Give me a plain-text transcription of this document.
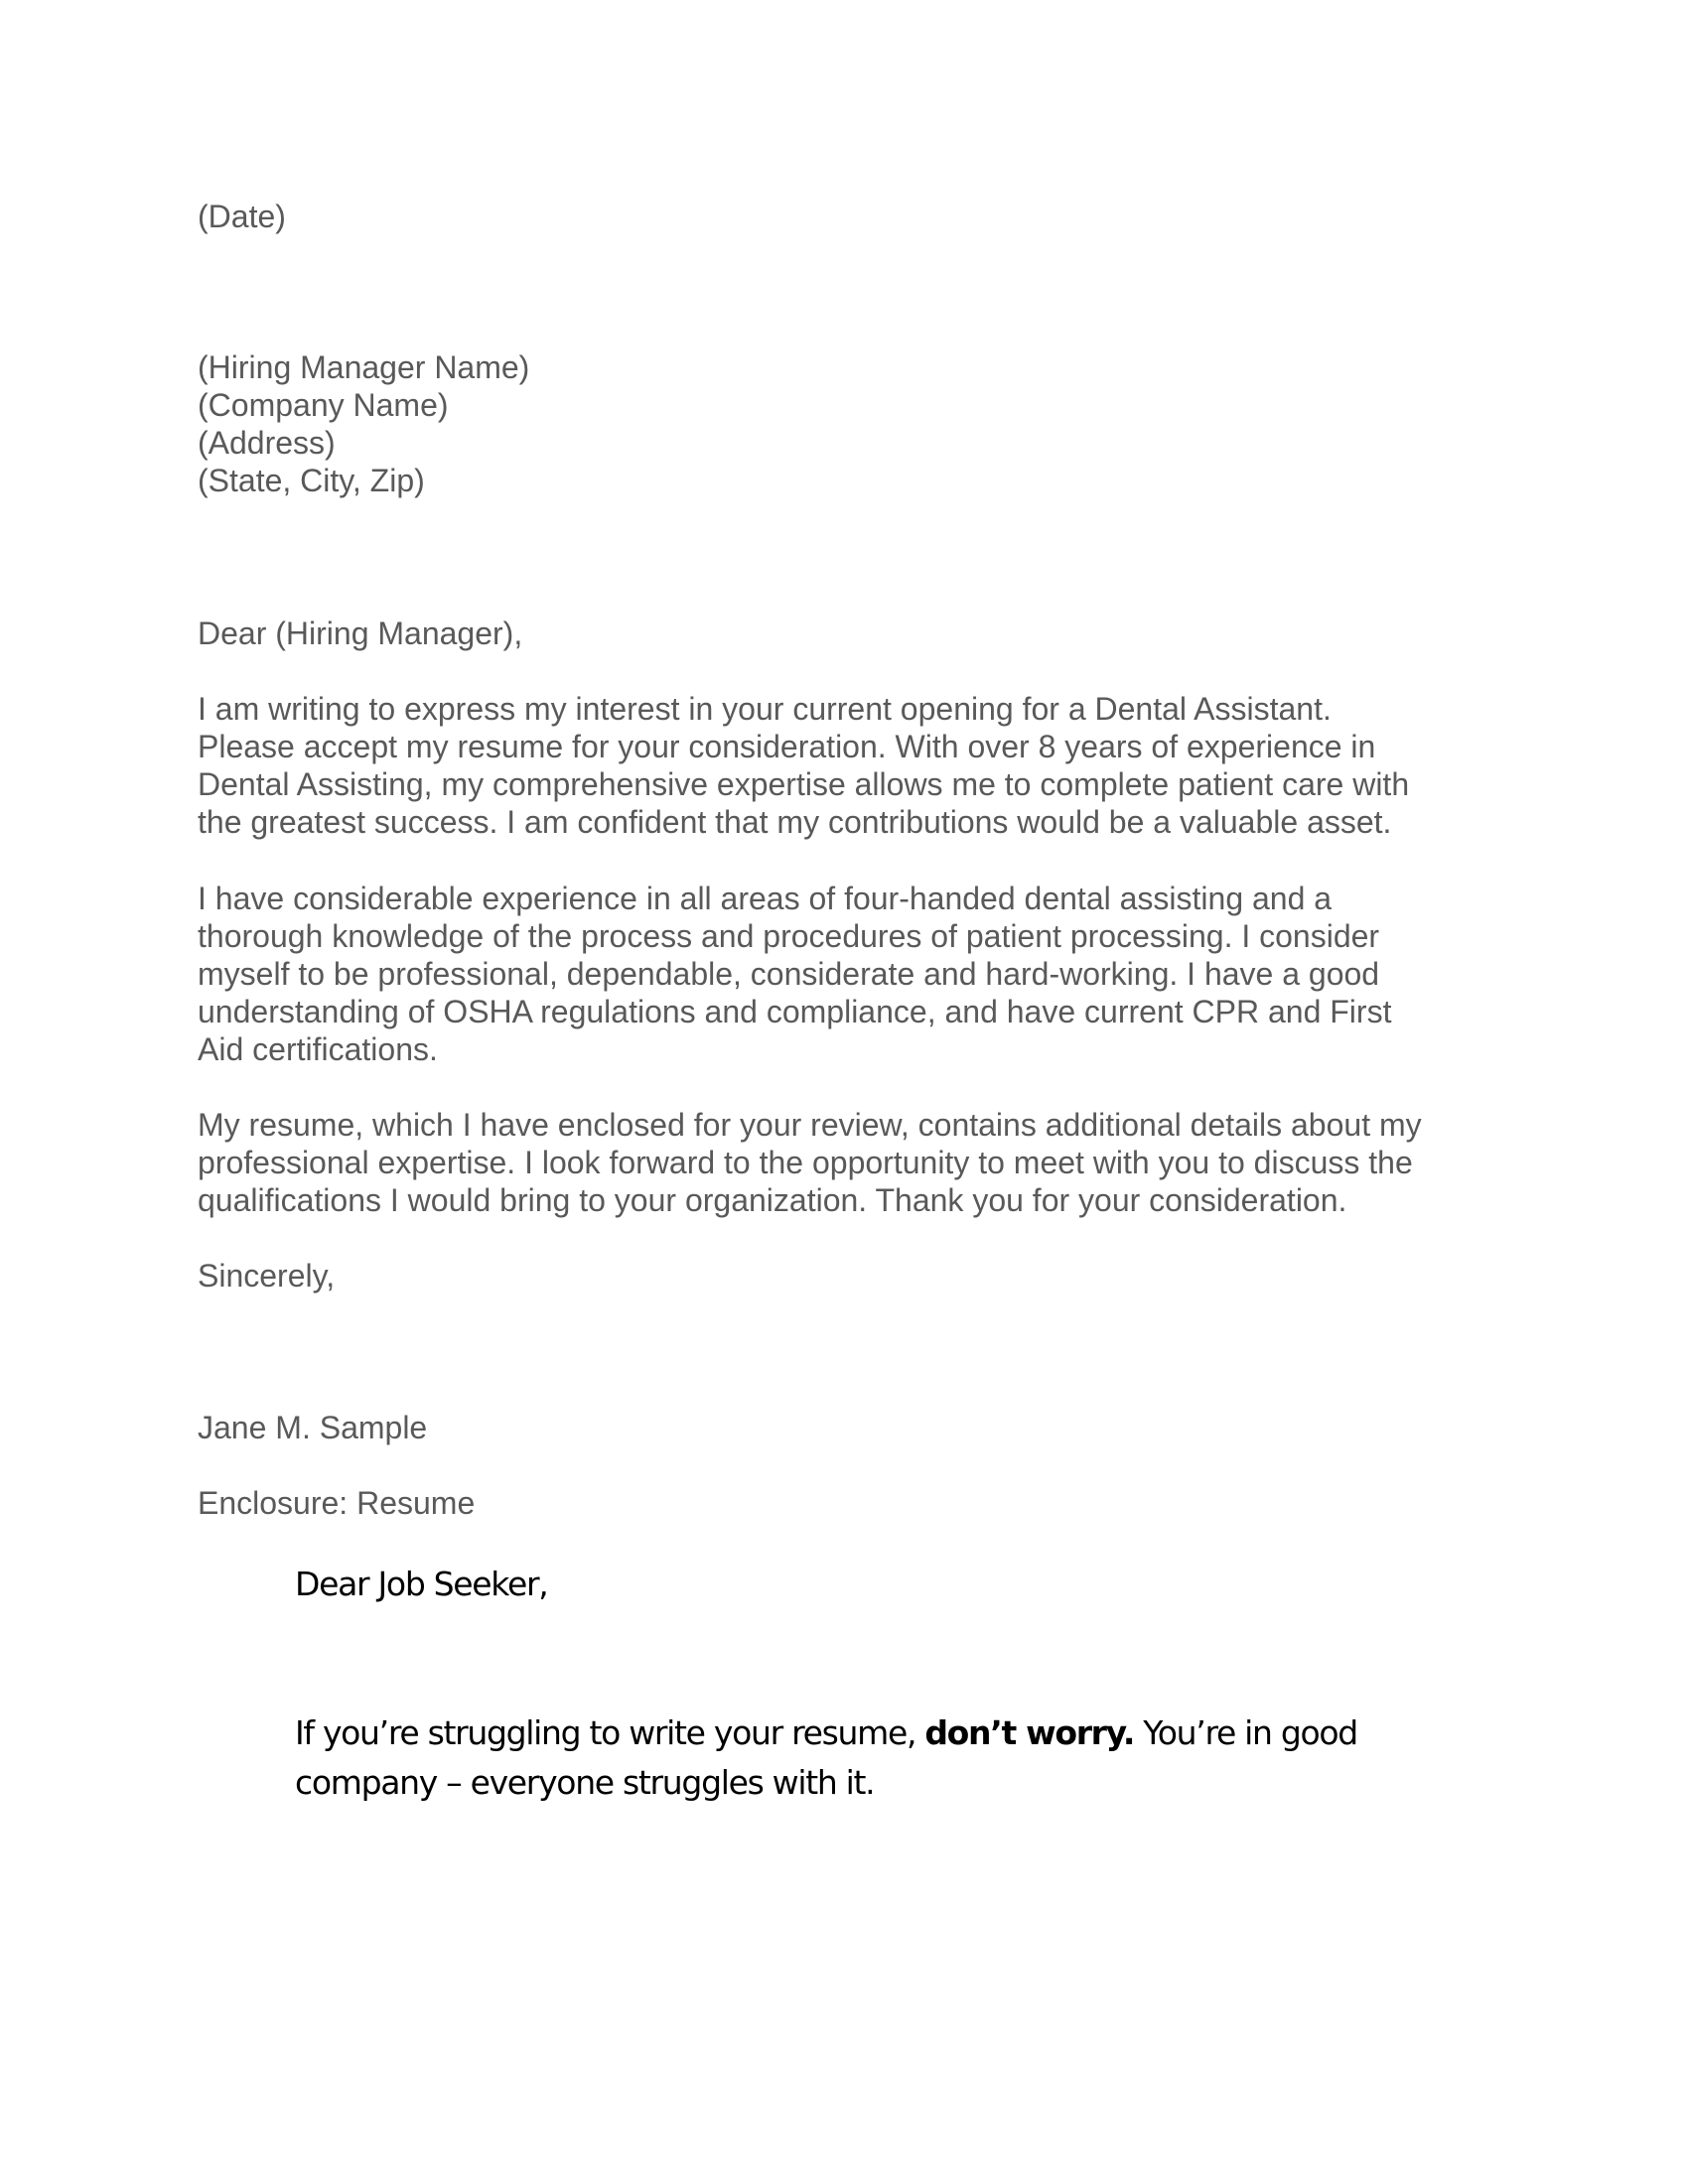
(Date)
(Hiring Manager Name)
(Company Name)
(Address)
(State, City, Zip)
Dear (Hiring Manager),
I am writing to express my interest in your current opening for a Dental Assistant.
Please accept my resume for your consideration. With over 8 years of experience in
Dental Assisting, my comprehensive expertise allows me to complete patient care with
the greatest success. I am confident that my contributions would be a valuable asset.
I have considerable experience in all areas of four-handed dental assisting and a
thorough knowledge of the process and procedures of patient processing. I consider
myself to be professional, dependable, considerate and hard-working. I have a good
understanding of OSHA regulations and compliance, and have current CPR and First
Aid certifications.
My resume, which I have enclosed for your review, contains additional details about my
professional expertise. I look forward to the opportunity to meet with you to discuss the
qualifications I would bring to your organization. Thank you for your consideration.
Sincerely,
Jane M. Sample
Enclosure: Resume
Dear Job Seeker,
If you’re struggling to write your resume, don’t worry. You’re in good
company – everyone struggles with it.
